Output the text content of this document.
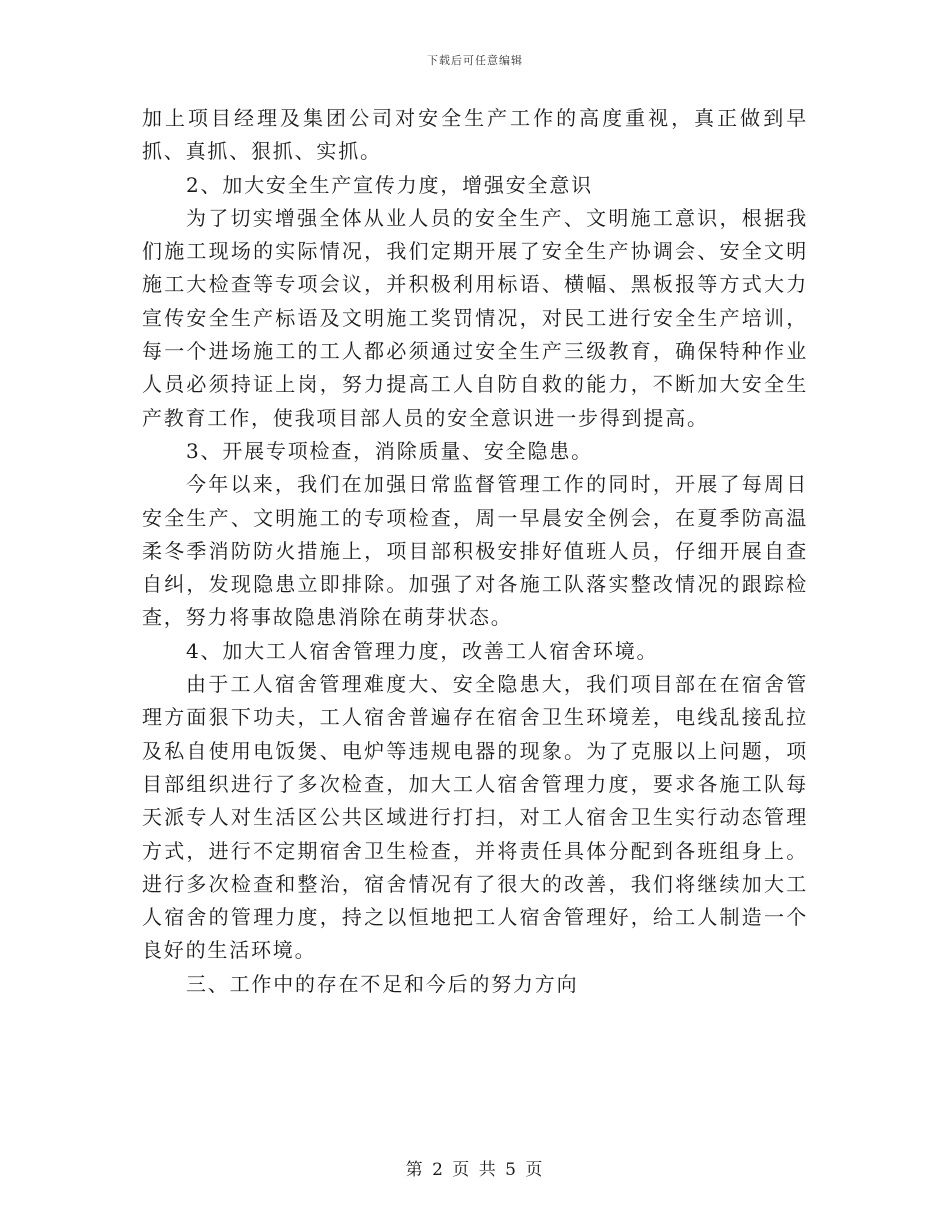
下载后可任意编辑

加上项目经理及集团公司对安全生产工作的高度重视，真正做到早抓、真抓、狠抓、实抓。

2、加大安全生产宣传力度，增强安全意识

为了切实增强全体从业人员的安全生产、文明施工意识，根据我们施工现场的实际情况，我们定期开展了安全生产协调会、安全文明施工大检查等专项会议，并积极利用标语、横幅、黑板报等方式大力宣传安全生产标语及文明施工奖罚情况，对民工进行安全生产培训，每一个进场施工的工人都必须通过安全生产三级教育，确保特种作业人员必须持证上岗，努力提高工人自防自救的能力，不断加大安全生产教育工作，使我项目部人员的安全意识进一步得到提高。

3、开展专项检查，消除质量、安全隐患。

今年以来，我们在加强日常监督管理工作的同时，开展了每周日安全生产、文明施工的专项检查，周一早晨安全例会，在夏季防高温柔冬季消防防火措施上，项目部积极安排好值班人员，仔细开展自查自纠，发现隐患立即排除。加强了对各施工队落实整改情况的跟踪检查，努力将事故隐患消除在萌芽状态。

4、加大工人宿舍管理力度，改善工人宿舍环境。

由于工人宿舍管理难度大、安全隐患大，我们项目部在在宿舍管理方面狠下功夫，工人宿舍普遍存在宿舍卫生环境差，电线乱接乱拉及私自使用电饭煲、电炉等违规电器的现象。为了克服以上问题，项目部组织进行了多次检查，加大工人宿舍管理力度，要求各施工队每天派专人对生活区公共区域进行打扫，对工人宿舍卫生实行动态管理方式，进行不定期宿舍卫生检查，并将责任具体分配到各班组身上。进行多次检查和整治，宿舍情况有了很大的改善，我们将继续加大工人宿舍的管理力度，持之以恒地把工人宿舍管理好，给工人制造一个良好的生活环境。

三、工作中的存在不足和今后的努力方向

第 2 页 共 5 页
